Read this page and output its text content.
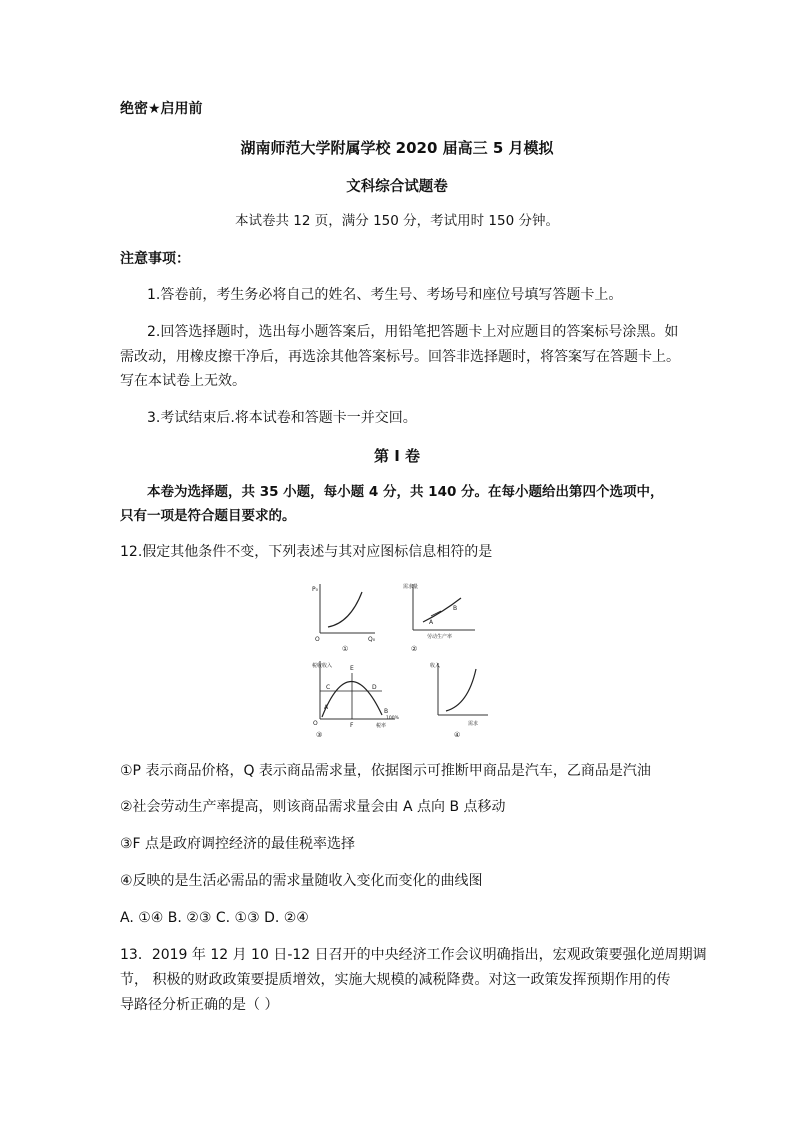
绝密★启用前
湖南师范大学附属学校 2020 届高三 5 月模拟
文科综合试题卷
本试卷共 12 页，满分 150 分，考试用时 150 分钟。
注意事项：
1.答卷前，考生务必将自己的姓名、考生号、考场号和座位号填写答题卡上。
2.回答选择题时，选出每小题答案后，用铅笔把答题卡上对应题目的答案标号涂黑。如
需改动，用橡皮擦干净后，再选涂其他答案标号。回答非选择题时，将答案写在答题卡上。
写在本试卷上无效。
3.考试结束后.将本试卷和答题卡一并交回。
第 Ⅰ 卷
本卷为选择题，共 35 小题，每小题 4 分，共 140 分。在每小题给出第四个选项中，
只有一项是符合题目要求的。
12.假定其他条件不变，下列表述与其对应图标信息相符的是
P₀
Q₀
O
①
需求量
劳动生产率
A
B
②
税收收入
税率
O
A
B
C	D
E
F
100%
③
收入
需求
④
①P 表示商品价格，Q 表示商品需求量，依据图示可推断甲商品是汽车，乙商品是汽油
②社会劳动生产率提高，则该商品需求量会由 A 点向 B 点移动
③F 点是政府调控经济的最佳税率选择
④反映的是生活必需品的需求量随收入变化而变化的曲线图
A. ①④ B. ②③ C. ①③ D. ②④
13．2019 年 12 月 10 日-12 日召开的中央经济工作会议明确指出，宏观政策要强化逆周期调
节， 积极的财政政策要提质增效，实施大规模的减税降费。对这一政策发挥预期作用的传
导路径分析正确的是（ ）
